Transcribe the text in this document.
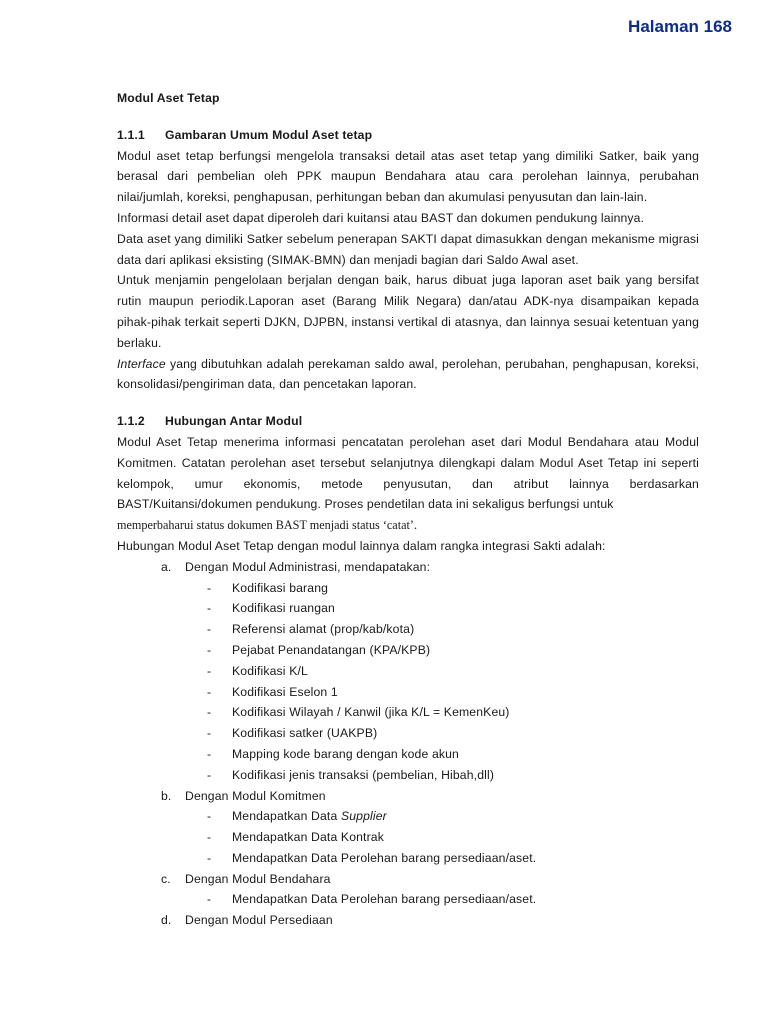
Halaman 168

Modul Aset Tetap

1.1.1 Gambaran Umum Modul Aset tetap

Modul aset tetap berfungsi mengelola transaksi detail atas aset tetap yang dimiliki Satker, baik yang berasal dari pembelian oleh PPK maupun Bendahara atau cara perolehan lainnya, perubahan nilai/jumlah, koreksi, penghapusan, perhitungan beban dan akumulasi penyusutan dan lain-lain.

Informasi detail aset dapat diperoleh dari kuitansi atau BAST dan dokumen pendukung lainnya.

Data aset yang dimiliki Satker sebelum penerapan SAKTI dapat dimasukkan dengan mekanisme migrasi data dari aplikasi eksisting (SIMAK-BMN) dan menjadi bagian dari Saldo Awal aset.

Untuk menjamin pengelolaan berjalan dengan baik, harus dibuat juga laporan aset baik yang bersifat rutin maupun periodik.Laporan aset (Barang Milik Negara) dan/atau ADK-nya disampaikan kepada pihak-pihak terkait seperti DJKN, DJPBN, instansi vertikal di atasnya, dan lainnya sesuai ketentuan yang berlaku.

Interface yang dibutuhkan adalah perekaman saldo awal, perolehan, perubahan, penghapusan, koreksi, konsolidasi/pengiriman data, dan pencetakan laporan.

1.1.2 Hubungan Antar Modul

Modul Aset Tetap menerima informasi pencatatan perolehan aset dari Modul Bendahara atau Modul Komitmen. Catatan perolehan aset tersebut selanjutnya dilengkapi dalam Modul Aset Tetap ini seperti kelompok, umur ekonomis, metode penyusutan, dan atribut lainnya berdasarkan BAST/Kuitansi/dokumen pendukung. Proses pendetilan data ini sekaligus berfungsi untuk

memperbaharui status dokumen BAST menjadi status ‘catat’.

Hubungan Modul Aset Tetap dengan modul lainnya dalam rangka integrasi Sakti adalah:

a. Dengan Modul Administrasi, mendapatakan:
- Kodifikasi barang
- Kodifikasi ruangan
- Referensi alamat (prop/kab/kota)
- Pejabat Penandatangan (KPA/KPB)
- Kodifikasi K/L
- Kodifikasi Eselon 1
- Kodifikasi Wilayah / Kanwil (jika K/L = KemenKeu)
- Kodifikasi satker (UAKPB)
- Mapping kode barang dengan kode akun
- Kodifikasi jenis transaksi (pembelian, Hibah,dll)
b. Dengan Modul Komitmen
- Mendapatkan Data Supplier
- Mendapatkan Data Kontrak
- Mendapatkan Data Perolehan barang persediaan/aset.
c. Dengan Modul Bendahara
- Mendapatkan Data Perolehan barang persediaan/aset.
d. Dengan Modul Persediaan
